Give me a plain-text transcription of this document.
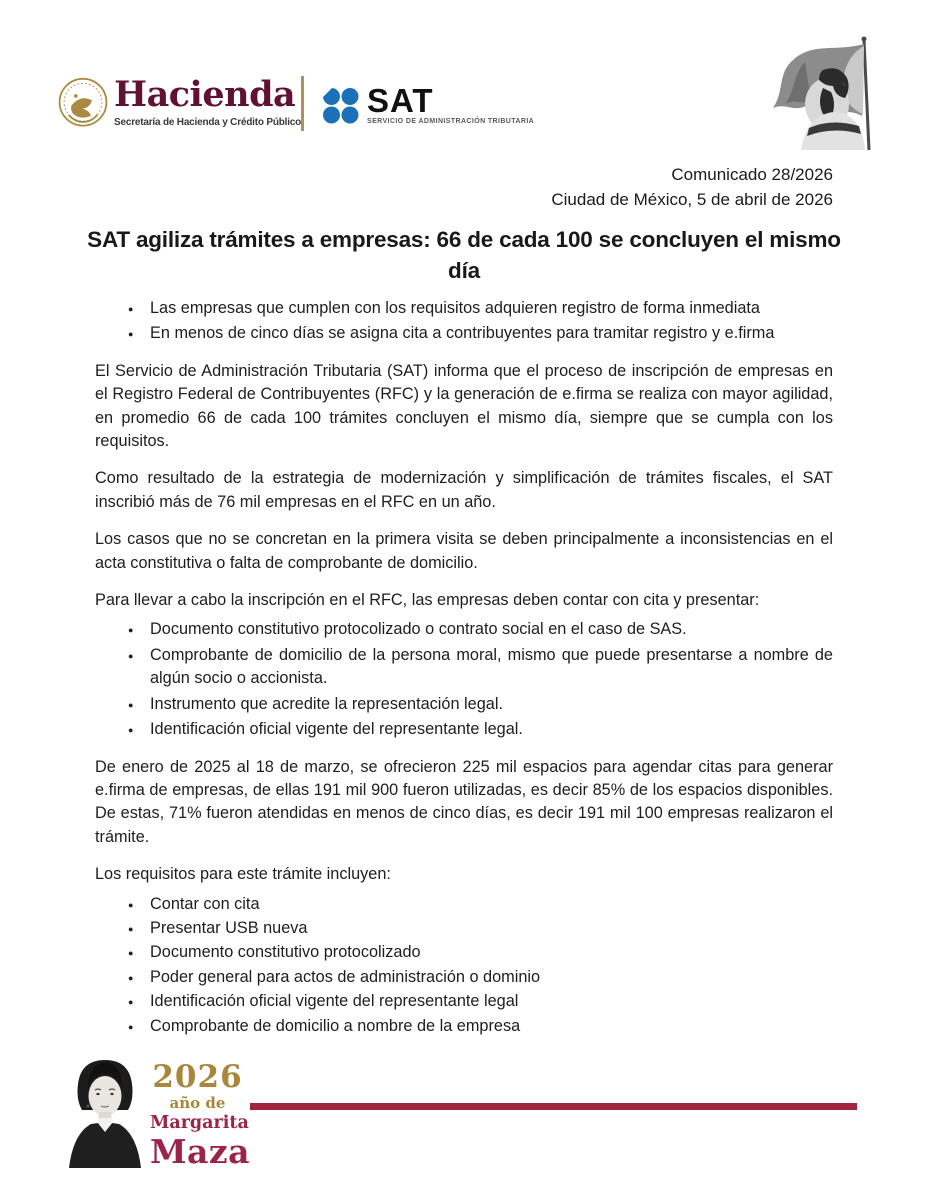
Hacienda
Secretaría de Hacienda y Crédito Público
SAT
SERVICIO DE ADMINISTRACIÓN TRIBUTARIA
Comunicado 28/2026
Ciudad de México, 5 de abril de 2026
SAT agiliza trámites a empresas: 66 de cada 100 se concluyen el mismo día
● Las empresas que cumplen con los requisitos adquieren registro de forma inmediata
● En menos de cinco días se asigna cita a contribuyentes para tramitar registro y e.firma

El Servicio de Administración Tributaria (SAT) informa que el proceso de inscripción de empresas en el Registro Federal de Contribuyentes (RFC) y la generación de e.firma se realiza con mayor agilidad, en promedio 66 de cada 100 trámites concluyen el mismo día, siempre que se cumpla con los requisitos.

Como resultado de la estrategia de modernización y simplificación de trámites fiscales, el SAT inscribió más de 76 mil empresas en el RFC en un año.

Los casos que no se concretan en la primera visita se deben principalmente a inconsistencias en el acta constitutiva o falta de comprobante de domicilio.

Para llevar a cabo la inscripción en el RFC, las empresas deben contar con cita y presentar:

● Documento constitutivo protocolizado o contrato social en el caso de SAS.
● Comprobante de domicilio de la persona moral, mismo que puede presentarse a nombre de algún socio o accionista.
● Instrumento que acredite la representación legal.
● Identificación oficial vigente del representante legal.

De enero de 2025 al 18 de marzo, se ofrecieron 225 mil espacios para agendar citas para generar e.firma de empresas, de ellas 191 mil 900 fueron utilizadas, es decir 85% de los espacios disponibles. De estas, 71% fueron atendidas en menos de cinco días, es decir 191 mil 100 empresas realizaron el trámite.

Los requisitos para este trámite incluyen:

● Contar con cita
● Presentar USB nueva
● Documento constitutivo protocolizado
● Poder general para actos de administración o dominio
● Identificación oficial vigente del representante legal
● Comprobante de domicilio a nombre de la empresa
2026
año de
Margarita
Maza
